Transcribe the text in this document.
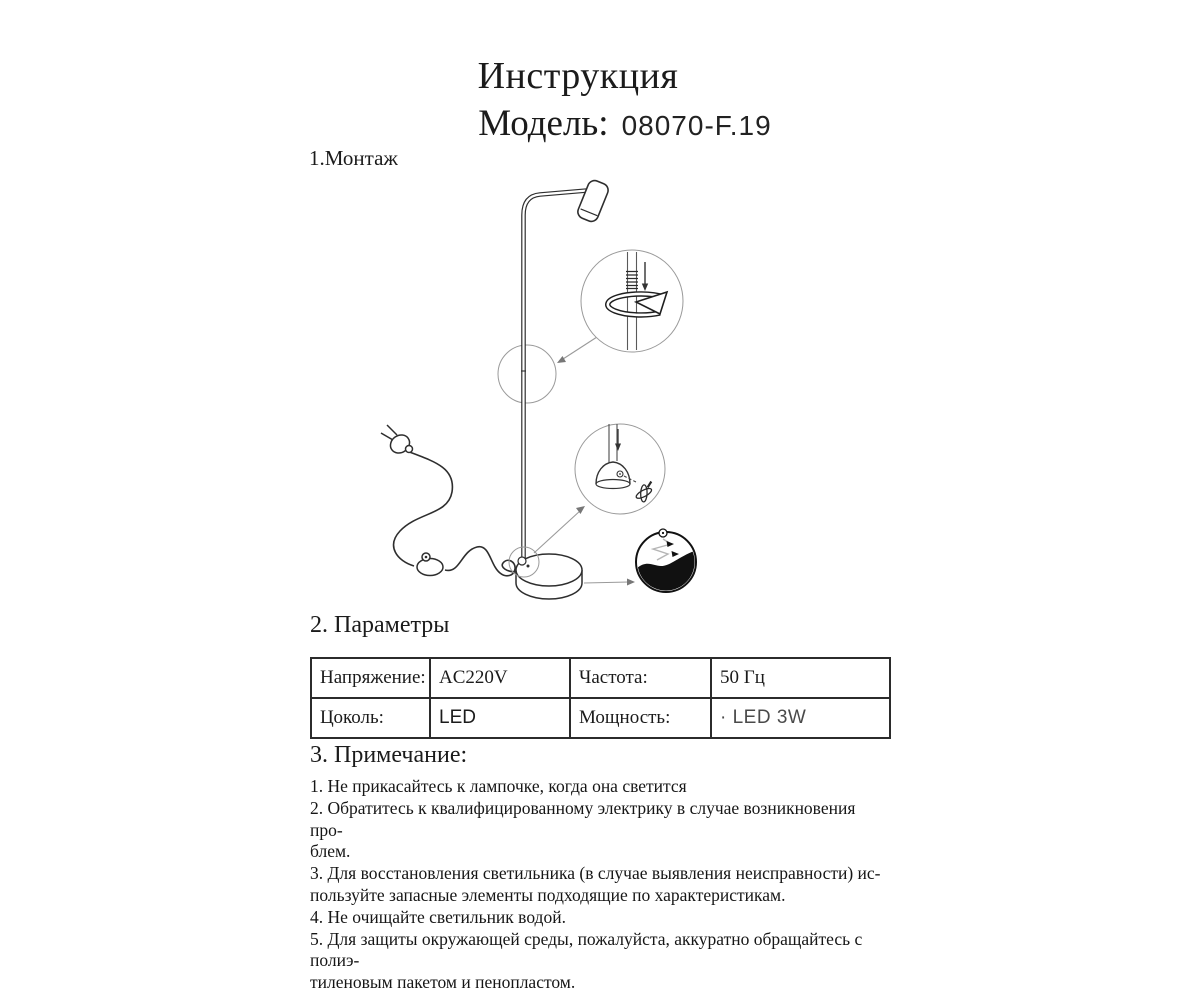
Инструкция
Модель: 08070-F.19
1.Монтаж
2. Параметры
Напряжение:	AC220V	Частота:	50 Гц
Цоколь:	LED	Мощность:	· LED 3W
3. Примечание:
1. Не прикасайтесь к лампочке, когда она светится
2. Обратитесь к квалифицированному электрику в случае возникновения про-
блем.
3. Для восстановления светильника (в случае выявления неисправности) ис-
пользуйте запасные элементы подходящие по характеристикам.
4. Не очищайте светильник водой.
5. Для защиты окружающей среды, пожалуйста, аккуратно обращайтесь с полиэ-
тиленовым пакетом и пенопластом.
